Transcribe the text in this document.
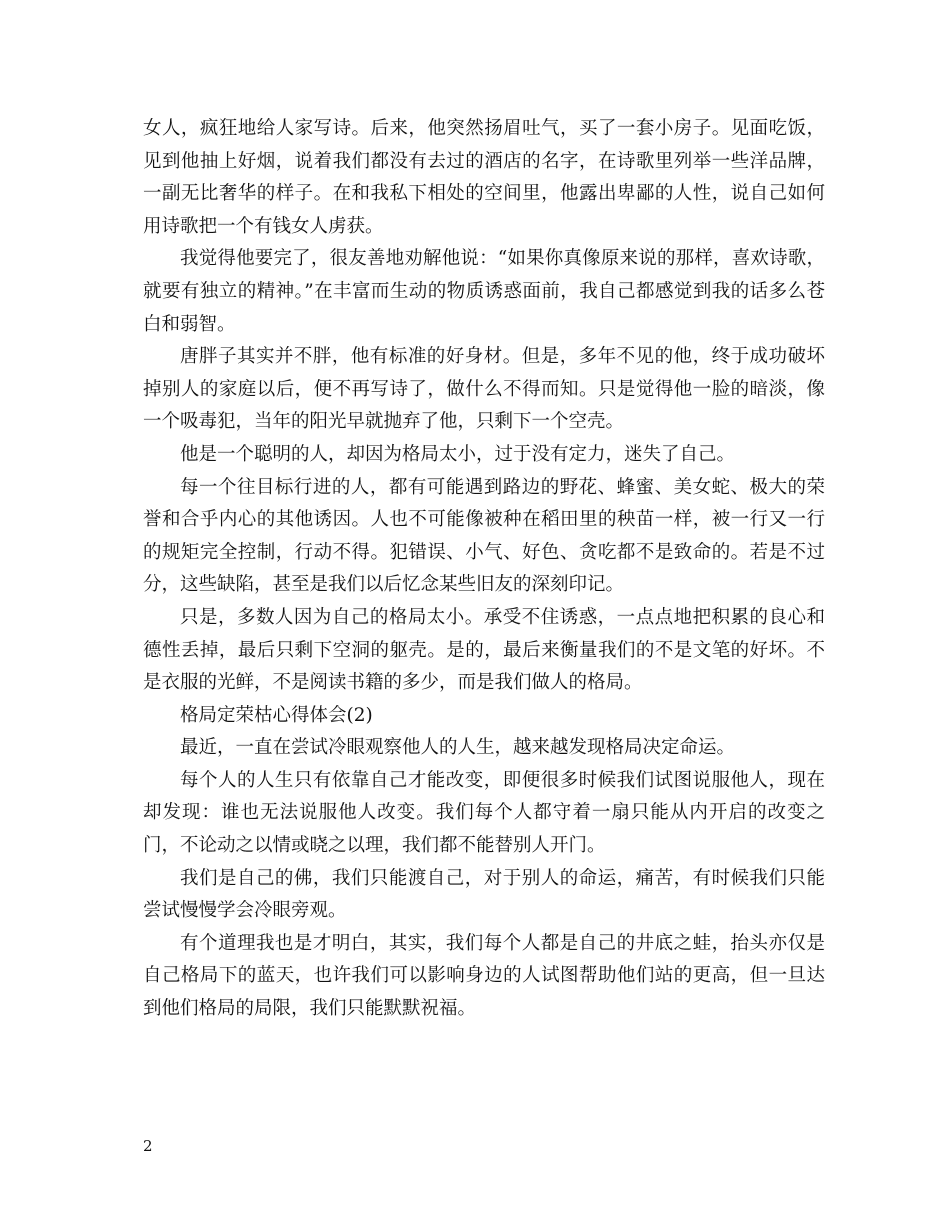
女人，疯狂地给人家写诗。后来，他突然扬眉吐气，买了一套小房子。见面吃饭，见到他抽上好烟，说着我们都没有去过的酒店的名字，在诗歌里列举一些洋品牌，一副无比奢华的样子。在和我私下相处的空间里，他露出卑鄙的人性，说自己如何用诗歌把一个有钱女人虏获。

我觉得他要完了，很友善地劝解他说：“如果你真像原来说的那样，喜欢诗歌，就要有独立的精神。”在丰富而生动的物质诱惑面前，我自己都感觉到我的话多么苍白和弱智。

唐胖子其实并不胖，他有标准的好身材。但是，多年不见的他，终于成功破坏掉别人的家庭以后，便不再写诗了，做什么不得而知。只是觉得他一脸的暗淡，像一个吸毒犯，当年的阳光早就抛弃了他，只剩下一个空壳。

他是一个聪明的人，却因为格局太小，过于没有定力，迷失了自己。

每一个往目标行进的人，都有可能遇到路边的野花、蜂蜜、美女蛇、极大的荣誉和合乎内心的其他诱因。人也不可能像被种在稻田里的秧苗一样，被一行又一行的规矩完全控制，行动不得。犯错误、小气、好色、贪吃都不是致命的。若是不过分，这些缺陷，甚至是我们以后忆念某些旧友的深刻印记。

只是，多数人因为自己的格局太小。承受不住诱惑，一点点地把积累的良心和德性丢掉，最后只剩下空洞的躯壳。是的，最后来衡量我们的不是文笔的好坏。不是衣服的光鲜，不是阅读书籍的多少，而是我们做人的格局。

格局定荣枯心得体会(2)

最近，一直在尝试冷眼观察他人的人生，越来越发现格局决定命运。

每个人的人生只有依靠自己才能改变，即便很多时候我们试图说服他人，现在却发现：谁也无法说服他人改变。我们每个人都守着一扇只能从内开启的改变之门，不论动之以情或晓之以理，我们都不能替别人开门。

我们是自己的佛，我们只能渡自己，对于别人的命运，痛苦，有时候我们只能尝试慢慢学会冷眼旁观。

有个道理我也是才明白，其实，我们每个人都是自己的井底之蛙，抬头亦仅是自己格局下的蓝天，也许我们可以影响身边的人试图帮助他们站的更高，但一旦达到他们格局的局限，我们只能默默祝福。

2
